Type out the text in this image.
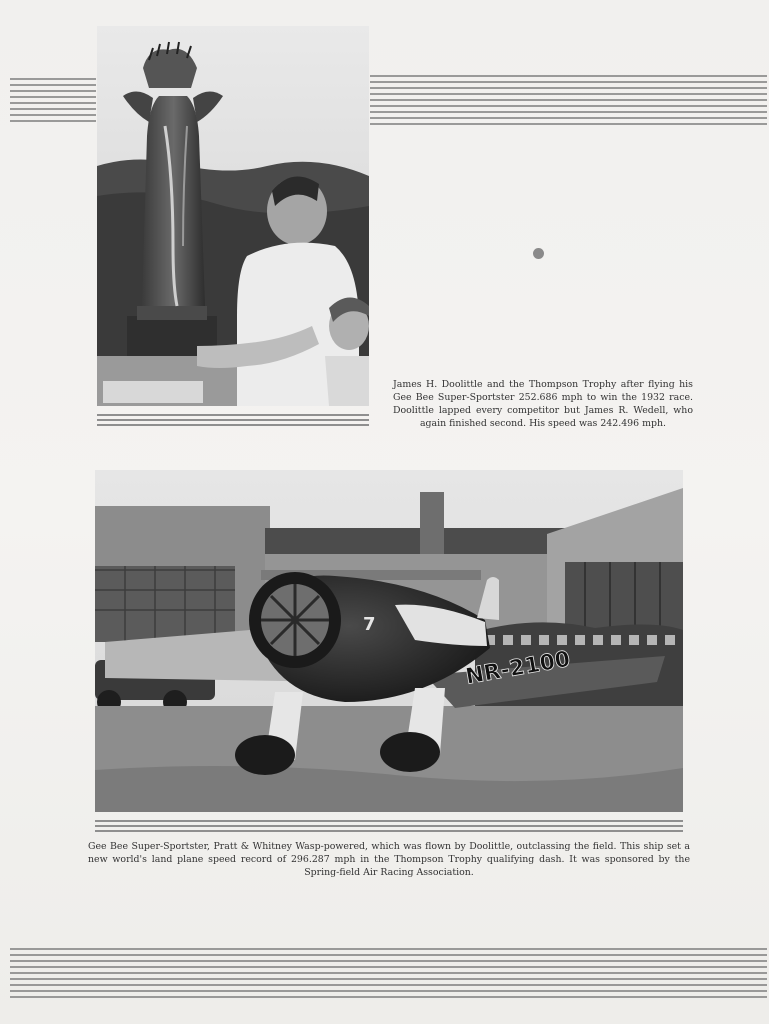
James H. Doolittle and the Thompson Trophy after flying his Gee Bee Super-Sportster 252.686 mph to win the 1932 race. Doolittle lapped every competitor but James R. Wedell, who again finished second. His speed was 242.496 mph.

NR-2100
7

Gee Bee Super-Sportster, Pratt & Whitney Wasp-powered, which was flown by Doolittle, outclassing the field. This ship set a new world's land plane speed record of 296.287 mph in the Thompson Trophy qualifying dash. It was sponsored by the Spring-field Air Racing Association.
